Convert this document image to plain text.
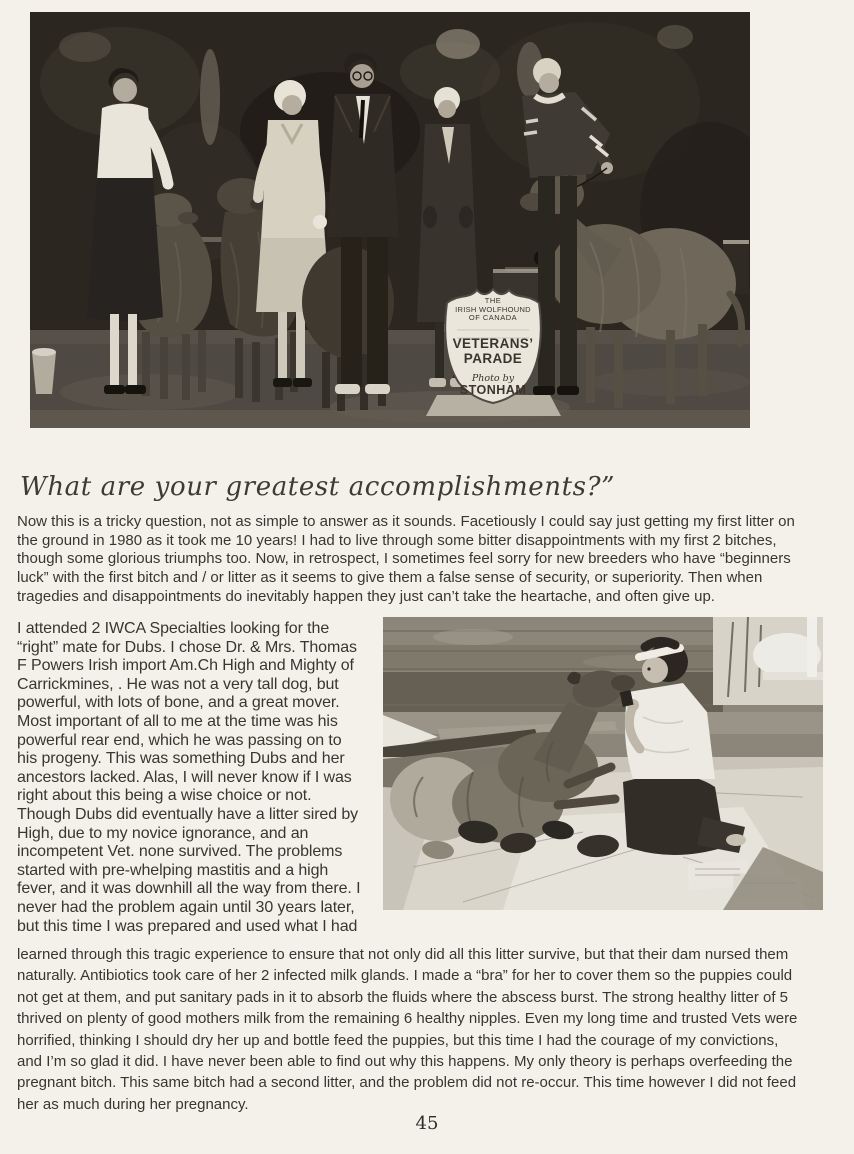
THE
IRISH WOLFHOUND
OF CANADA
VETERANS’
PARADE
Photo by
STONHAM
What are your greatest accomplishments?”
Now this is a tricky question, not as simple to answer as it sounds. Facetiously I could say just getting my first litter on
the ground in 1980 as it took me 10 years! I had to live through some bitter disappointments with my first 2 bitches,
though some glorious triumphs too. Now, in retrospect, I sometimes feel sorry for new breeders who have “beginners
luck” with the first bitch and / or litter as it seems to give them a false sense of security, or superiority. Then when
tragedies and disappointments do inevitably happen they just can’t take the heartache, and often give up.
I attended 2 IWCA Specialties looking for the
“right” mate for Dubs. I chose Dr. & Mrs. Thomas
F Powers Irish import Am.Ch High and Mighty of
Carrickmines, . He was not a very tall dog, but
powerful, with lots of bone, and a great mover.
Most important of all to me at the time was his
powerful rear end, which he was passing on to
his progeny. This was something Dubs and her
ancestors lacked. Alas, I will never know if I was
right about this being a wise choice or not.
Though Dubs did eventually have a litter sired by
High, due to my novice ignorance, and an
incompetent Vet. none survived. The problems
started with pre-whelping mastitis and a high
fever, and it was downhill all the way from there. I
never had the problem again until 30 years later,
but this time I was prepared and used what I had
learned through this tragic experience to ensure that not only did all this litter survive, but that their dam nursed them
naturally. Antibiotics took care of her 2 infected milk glands. I made a “bra” for her to cover them so the puppies could
not get at them, and put sanitary pads in it to absorb the fluids where the abscess burst. The strong healthy litter of 5
thrived on plenty of good mothers milk from the remaining 6 healthy nipples. Even my long time and trusted Vets were
horrified, thinking I should dry her up and bottle feed the puppies, but this time I had the courage of my convictions,
and I’m so glad it did. I have never been able to find out why this happens. My only theory is perhaps overfeeding the
pregnant bitch. This same bitch had a second litter, and the problem did not re-occur. This time however I did not feed
her as much during her pregnancy.
45
